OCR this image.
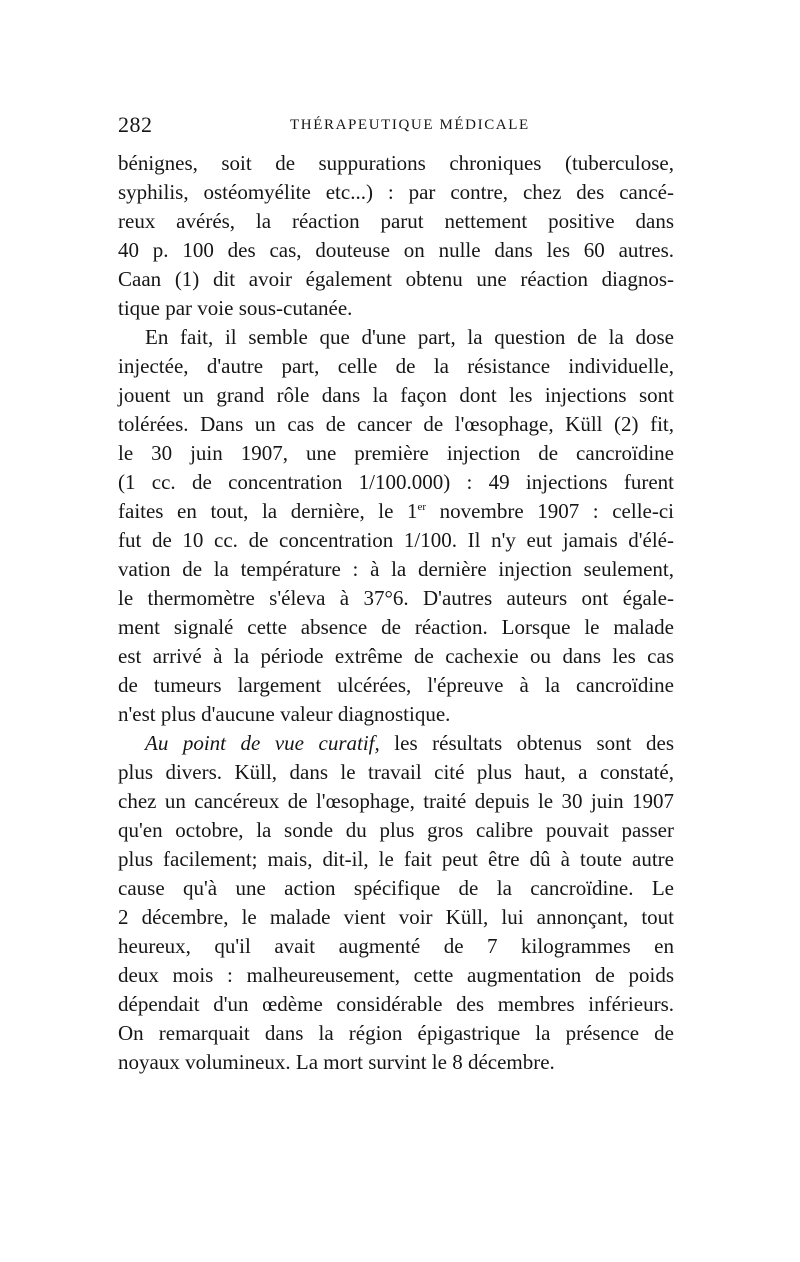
282	THÉRAPEUTIQUE MÉDICALE
bénignes, soit de suppurations chroniques (tuberculose,
syphilis, ostéomyélite etc...) : par contre, chez des cancé-
reux avérés, la réaction parut nettement positive dans
40 p. 100 des cas, douteuse on nulle dans les 60 autres.
Caan (1) dit avoir également obtenu une réaction diagnos-
tique par voie sous-cutanée.
En fait, il semble que d'une part, la question de la dose
injectée, d'autre part, celle de la résistance individuelle,
jouent un grand rôle dans la façon dont les injections sont
tolérées. Dans un cas de cancer de l'œsophage, Küll (2) fit,
le 30 juin 1907, une première injection de cancroïdine
(1 cc. de concentration 1/100.000) : 49 injections furent
faites en tout, la dernière, le 1er novembre 1907 : celle-ci
fut de 10 cc. de concentration 1/100. Il n'y eut jamais d'élé-
vation de la température : à la dernière injection seulement,
le thermomètre s'éleva à 37°6. D'autres auteurs ont égale-
ment signalé cette absence de réaction. Lorsque le malade
est arrivé à la période extrême de cachexie ou dans les cas
de tumeurs largement ulcérées, l'épreuve à la cancroïdine
n'est plus d'aucune valeur diagnostique.
Au point de vue curatif, les résultats obtenus sont des
plus divers. Küll, dans le travail cité plus haut, a constaté,
chez un cancéreux de l'œsophage, traité depuis le 30 juin 1907
qu'en octobre, la sonde du plus gros calibre pouvait passer
plus facilement; mais, dit-il, le fait peut être dû à toute autre
cause qu'à une action spécifique de la cancroïdine. Le
2 décembre, le malade vient voir Küll, lui annonçant, tout
heureux, qu'il avait augmenté de 7 kilogrammes en
deux mois : malheureusement, cette augmentation de poids
dépendait d'un œdème considérable des membres inférieurs.
On remarquait dans la région épigastrique la présence de
noyaux volumineux. La mort survint le 8 décembre.
